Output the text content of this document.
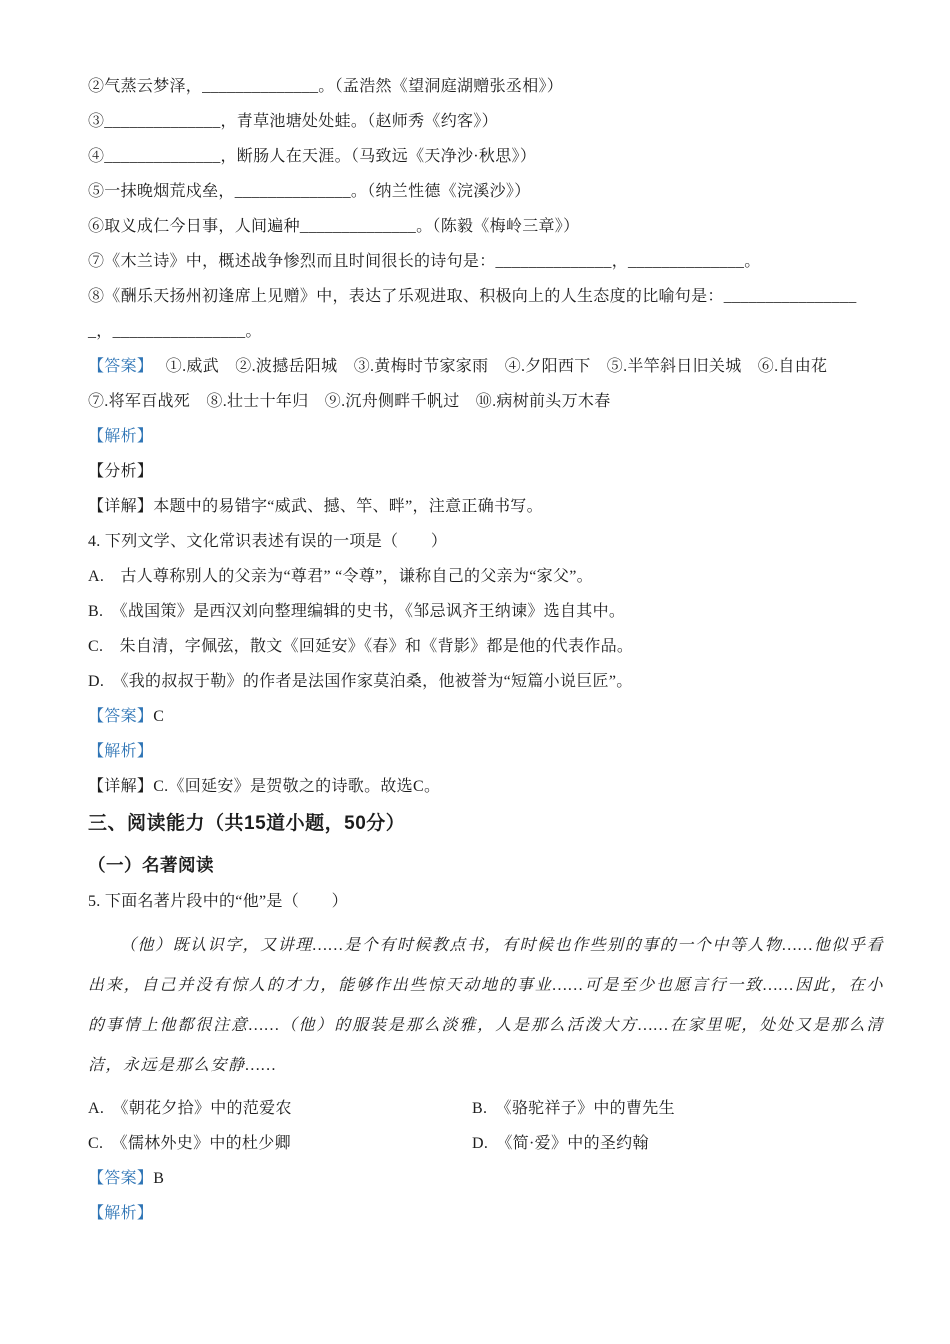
②气蒸云梦泽，______________。（孟浩然《望洞庭湖赠张丞相》）

③______________，青草池塘处处蛙。（赵师秀《约客》）

④______________，断肠人在天涯。（马致远《天净沙·秋思》）

⑤一抹晚烟荒戍垒，______________。（纳兰性德《浣溪沙》）

⑥取义成仁今日事，人间遍种______________。（陈毅《梅岭三章》）

⑦《木兰诗》中，概述战争惨烈而且时间很长的诗句是：______________，______________。

⑧《酬乐天扬州初逢席上见赠》中，表达了乐观进取、积极向上的人生态度的比喻句是：________________

_，________________。

【答案】　 ①.威武　②.波撼岳阳城　③.黄梅时节家家雨　④.夕阳西下　⑤.半竿斜日旧关城　⑥.自由花

⑦.将军百战死　⑧.壮士十年归　⑨.沉舟侧畔千帆过　⑩.病树前头万木春

【解析】

【分析】

【详解】本题中的易错字“威武、撼、竿、畔”，注意正确书写。

4. 下列文学、文化常识表述有误的一项是（　　）

A.　古人尊称别人的父亲为“尊君” “令尊”，谦称自己的父亲为“家父”。

B.　《战国策》是西汉刘向整理编辑的史书，《邹忌讽齐王纳谏》选自其中。

C.　朱自清，字佩弦，散文《回延安》《春》和《背影》都是他的代表作品。

D.　《我的叔叔于勒》的作者是法国作家莫泊桑，他被誉为“短篇小说巨匠”。

【答案】C

【解析】

【详解】C.《回延安》是贺敬之的诗歌。故选C。

三、阅读能力（共15道小题，50分）
（一）名著阅读

5. 下面名著片段中的“他”是（　　）

（他）既认识字，又讲理……是个有时候教点书，有时候也作些别的事的一个中等人物……他似乎看出来，自己并没有惊人的才力，能够作出些惊天动地的事业……可是至少也愿言行一致……因此，在小的事情上他都很注意……（他）的服装是那么淡雅，人是那么活泼大方……在家里呢，处处又是那么清洁，永远是那么安静……

A.　《朝花夕拾》中的范爱农	B.　《骆驼祥子》中的曹先生
C.　《儒林外史》中的杜少卿	D.　《简·爱》中的圣约翰

【答案】B

【解析】
